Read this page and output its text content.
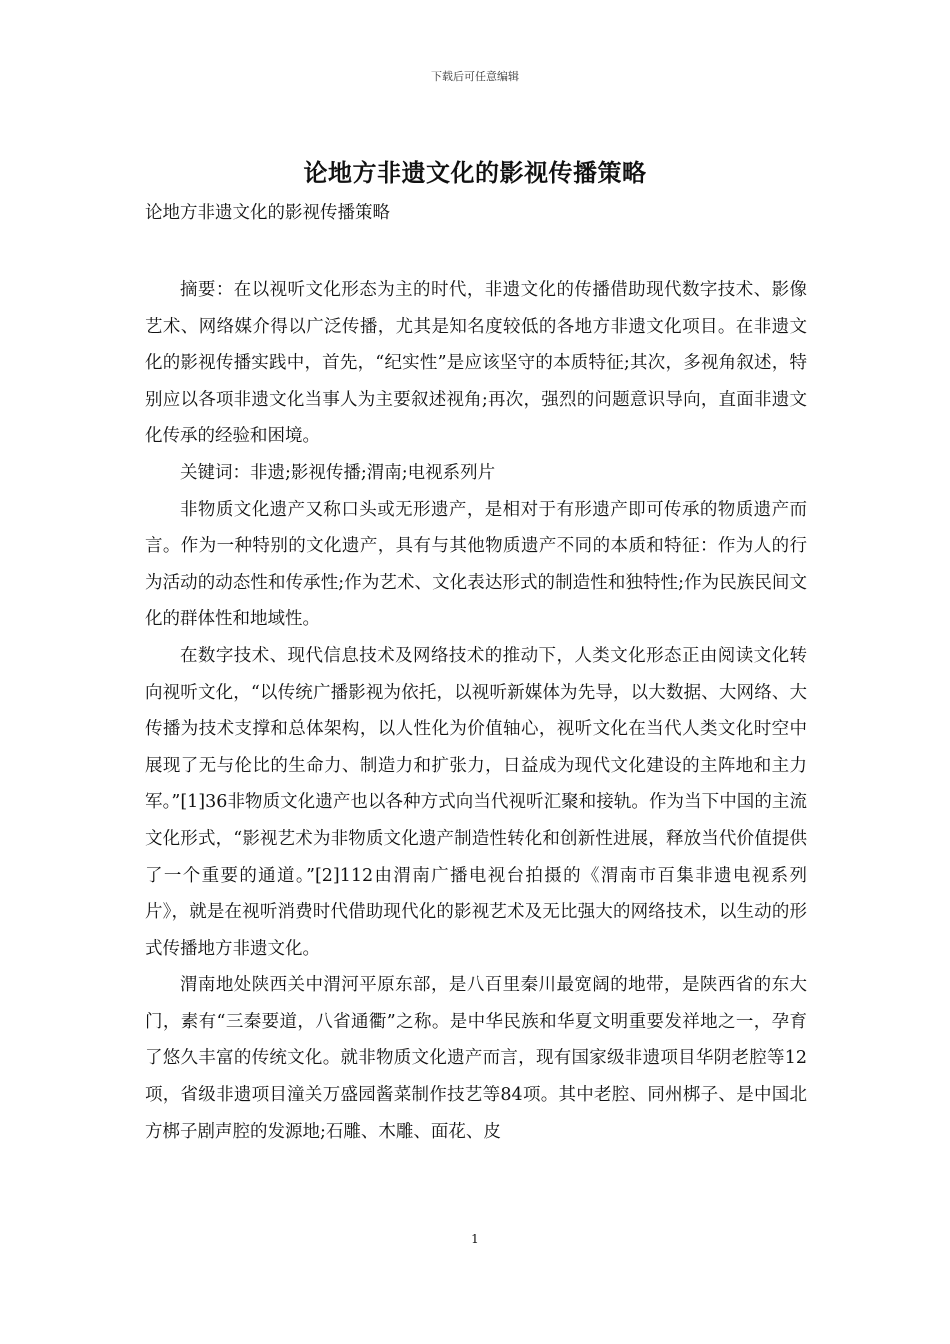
下载后可任意编辑
论地方非遗文化的影视传播策略
论地方非遗文化的影视传播策略

摘要：在以视听文化形态为主的时代，非遗文化的传播借助现代数字技术、影像艺术、网络媒介得以广泛传播，尤其是知名度较低的各地方非遗文化项目。在非遗文化的影视传播实践中，首先，“纪实性”是应该坚守的本质特征;其次，多视角叙述，特别应以各项非遗文化当事人为主要叙述视角;再次，强烈的问题意识导向，直面非遗文化传承的经验和困境。

关键词：非遗;影视传播;渭南;电视系列片

非物质文化遗产又称口头或无形遗产，是相对于有形遗产即可传承的物质遗产而言。作为一种特别的文化遗产，具有与其他物质遗产不同的本质和特征：作为人的行为活动的动态性和传承性;作为艺术、文化表达形式的制造性和独特性;作为民族民间文化的群体性和地域性。

在数字技术、现代信息技术及网络技术的推动下，人类文化形态正由阅读文化转向视听文化，“以传统广播影视为依托，以视听新媒体为先导，以大数据、大网络、大传播为技术支撑和总体架构，以人性化为价值轴心，视听文化在当代人类文化时空中展现了无与伦比的生命力、制造力和扩张力，日益成为现代文化建设的主阵地和主力军。”[1]36非物质文化遗产也以各种方式向当代视听汇聚和接轨。作为当下中国的主流文化形式，“影视艺术为非物质文化遗产制造性转化和创新性进展，释放当代价值提供了一个重要的通道。”[2]112由渭南广播电视台拍摄的《渭南市百集非遗电视系列片》，就是在视听消费时代借助现代化的影视艺术及无比强大的网络技术，以生动的形式传播地方非遗文化。

渭南地处陕西关中渭河平原东部，是八百里秦川最宽阔的地带，是陕西省的东大门，素有“三秦要道，八省通衢”之称。是中华民族和华夏文明重要发祥地之一，孕育了悠久丰富的传统文化。就非物质文化遗产而言，现有国家级非遗项目华阴老腔等12项，省级非遗项目潼关万盛园酱菜制作技艺等84项。其中老腔、同州梆子、是中国北方梆子剧声腔的发源地;石雕、木雕、面花、皮

1
